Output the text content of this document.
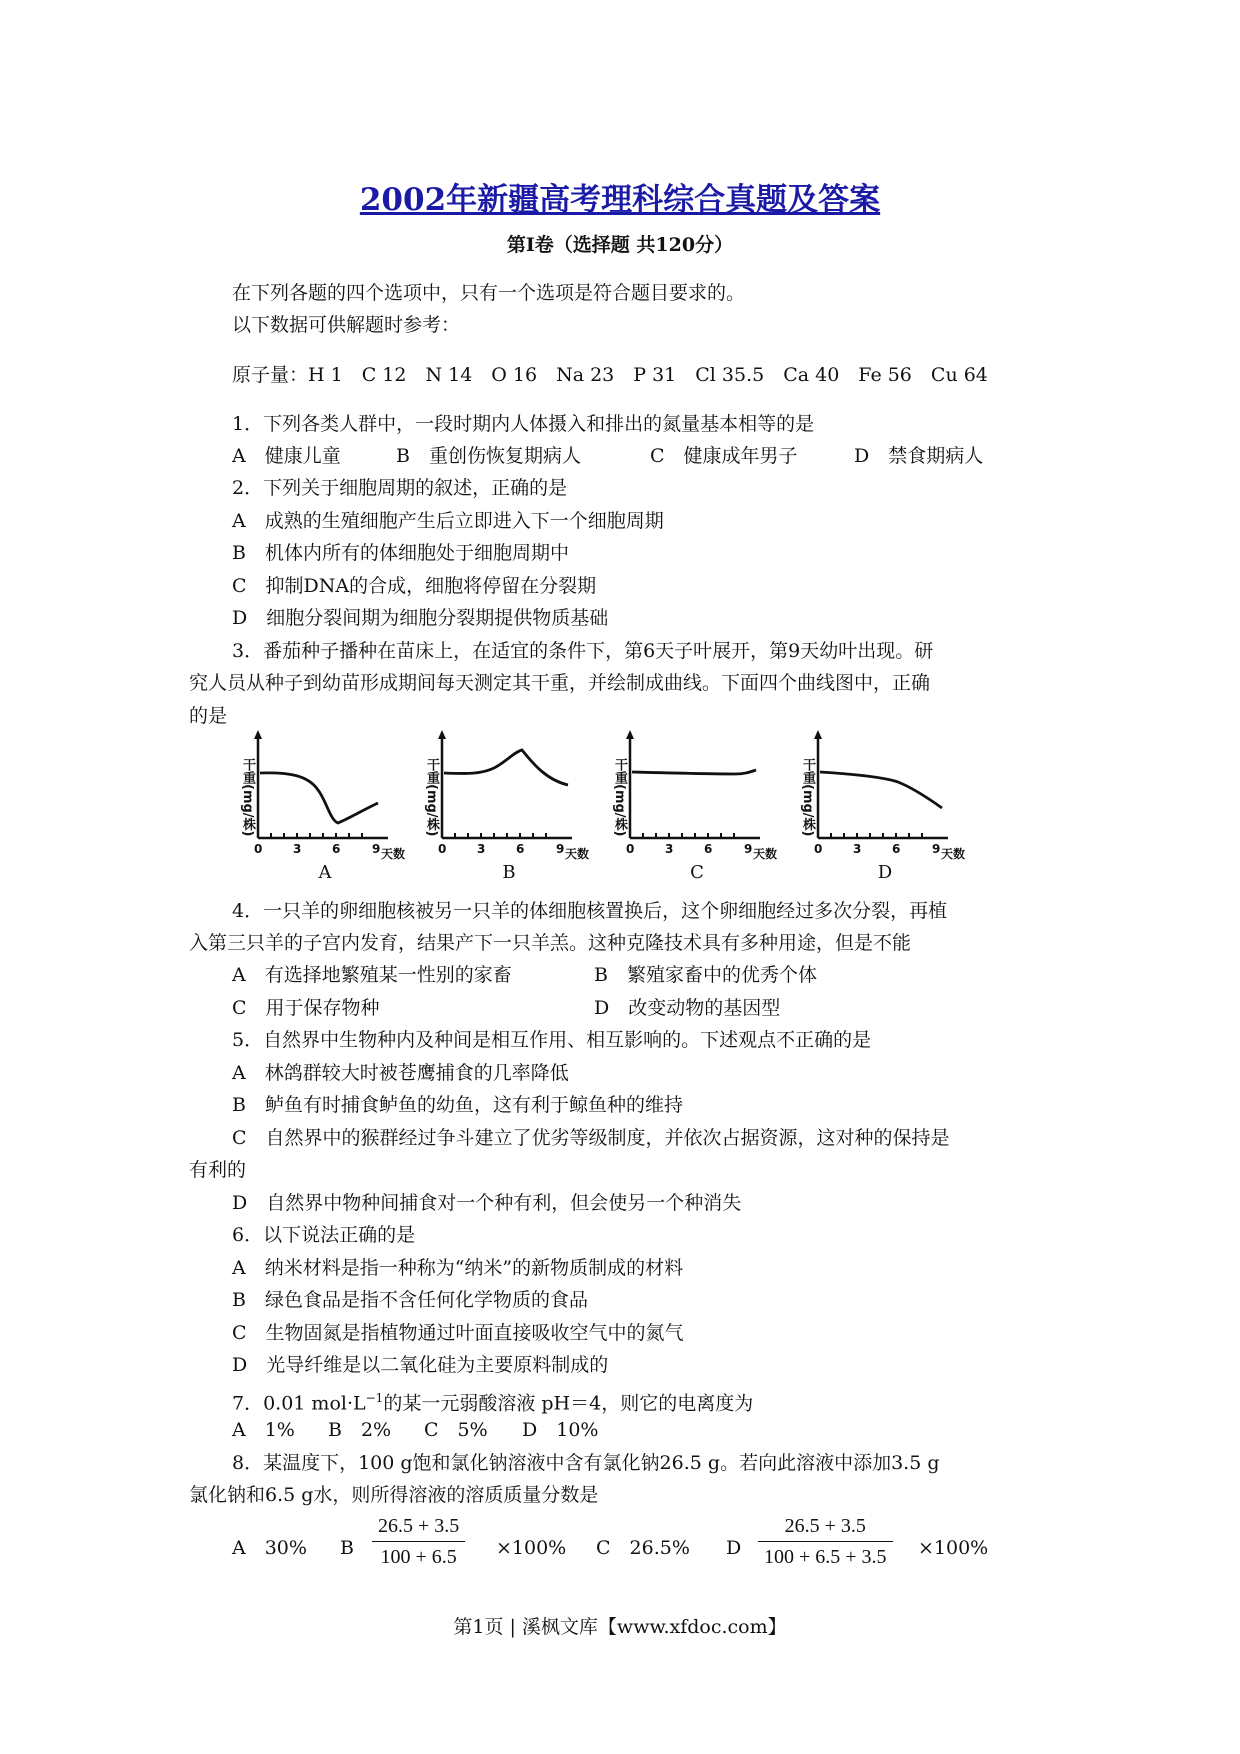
2002年新疆高考理科综合真题及答案
第Ⅰ卷（选择题 共120分）
在下列各题的四个选项中，只有一个选项是符合题目要求的。
以下数据可供解题时参考：
原子量：H 1　C 12　N 14　O 16　Na 23　P 31　Cl 35.5　Ca 40　Fe 56　Cu 64
1．下列各类人群中，一段时期内人体摄入和排出的氮量基本相等的是
A　健康儿童	B　重创伤恢复期病人	C　健康成年男子	D　禁食期病人
2．下列关于细胞周期的叙述，正确的是
A　成熟的生殖细胞产生后立即进入下一个细胞周期
B　机体内所有的体细胞处于细胞周期中
C　抑制DNA的合成，细胞将停留在分裂期
D　细胞分裂间期为细胞分裂期提供物质基础
3．番茄种子播种在苗床上，在适宜的条件下，第6天子叶展开，第9天幼叶出现。研
究人员从种子到幼苗形成期间每天测定其干重，并绘制成曲线。下面四个曲线图中，正确
的是
干重(mg/株)
0	3	6	9 天数
A
干重(mg/株)
0	3	6	9 天数
B
干重(mg/株)
0	3	6	9 天数
C
干重(mg/株)
0	3	6	9 天数
D
4．一只羊的卵细胞核被另一只羊的体细胞核置换后，这个卵细胞经过多次分裂，再植
入第三只羊的子宫内发育，结果产下一只羊羔。这种克隆技术具有多种用途，但是不能
A　有选择地繁殖某一性别的家畜	B　繁殖家畜中的优秀个体
C　用于保存物种	D　改变动物的基因型
5．自然界中生物种内及种间是相互作用、相互影响的。下述观点不正确的是
A　林鸽群较大时被苍鹰捕食的几率降低
B　鲈鱼有时捕食鲈鱼的幼鱼，这有利于鲸鱼种的维持
C　自然界中的猴群经过争斗建立了优劣等级制度，并依次占据资源，这对种的保持是
有利的
D　自然界中物种间捕食对一个种有利，但会使另一个种消失
6．以下说法正确的是
A　纳米材料是指一种称为“纳米”的新物质制成的材料
B　绿色食品是指不含任何化学物质的食品
C　生物固氮是指植物通过叶面直接吸收空气中的氮气
D　光导纤维是以二氧化硅为主要原料制成的
7．0.01 $mol\cdot L^{-1}$的某一元弱酸溶液 pH＝4，则它的电离度为
A　1% B　2% C　5% D　10%
8．某温度下，100 g饱和氯化钠溶液中含有氯化钠26.5 g。若向此溶液中添加3.5 g
氯化钠和6.5 g水，则所得溶液的溶质质量分数是
A　30% B $\frac{26.5 + 3.5}{100 + 6.5} \times 100\%$ C　26.5% D $\frac{26.5 + 3.5}{100 + 6.5 + 3.5} \times 100\%$
第1页 | 溪枫文库【www.xfdoc.com】
